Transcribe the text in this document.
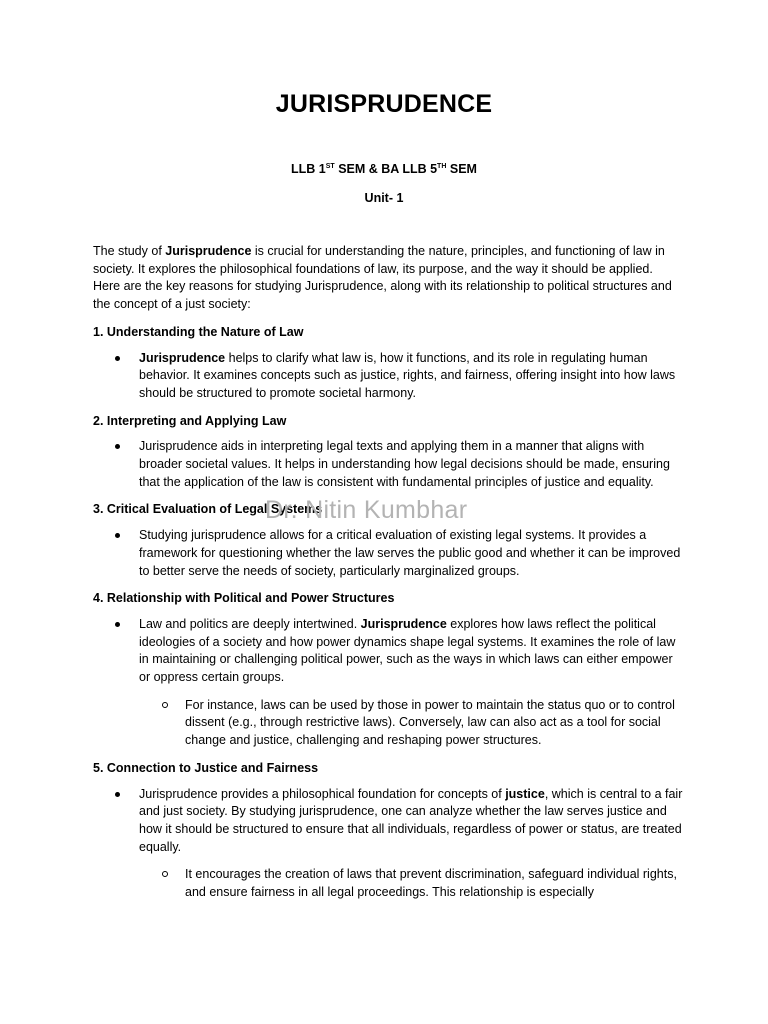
JURISPRUDENCE
LLB 1ST SEM & BA LLB 5TH SEM
Unit- 1

The study of Jurisprudence is crucial for understanding the nature, principles, and functioning of law in society. It explores the philosophical foundations of law, its purpose, and the way it should be applied. Here are the key reasons for studying Jurisprudence, along with its relationship to political structures and the concept of a just society:

1. Understanding the Nature of Law
Jurisprudence helps to clarify what law is, how it functions, and its role in regulating human behavior. It examines concepts such as justice, rights, and fairness, offering insight into how laws should be structured to promote societal harmony.
2. Interpreting and Applying Law
Jurisprudence aids in interpreting legal texts and applying them in a manner that aligns with broader societal values. It helps in understanding how legal decisions should be made, ensuring that the application of the law is consistent with fundamental principles of justice and equality.
3. Critical Evaluation of Legal Systems
Studying jurisprudence allows for a critical evaluation of existing legal systems. It provides a framework for questioning whether the law serves the public good and whether it can be improved to better serve the needs of society, particularly marginalized groups.
4. Relationship with Political and Power Structures
Law and politics are deeply intertwined. Jurisprudence explores how laws reflect the political ideologies of a society and how power dynamics shape legal systems. It examines the role of law in maintaining or challenging political power, such as the ways in which laws can either empower or oppress certain groups.
For instance, laws can be used by those in power to maintain the status quo or to control dissent (e.g., through restrictive laws). Conversely, law can also act as a tool for social change and justice, challenging and reshaping power structures.
5. Connection to Justice and Fairness
Jurisprudence provides a philosophical foundation for concepts of justice, which is central to a fair and just society. By studying jurisprudence, one can analyze whether the law serves justice and how it should be structured to ensure that all individuals, regardless of power or status, are treated equally.
It encourages the creation of laws that prevent discrimination, safeguard individual rights, and ensure fairness in all legal proceedings. This relationship is especially
Dr. Nitin Kumbhar
